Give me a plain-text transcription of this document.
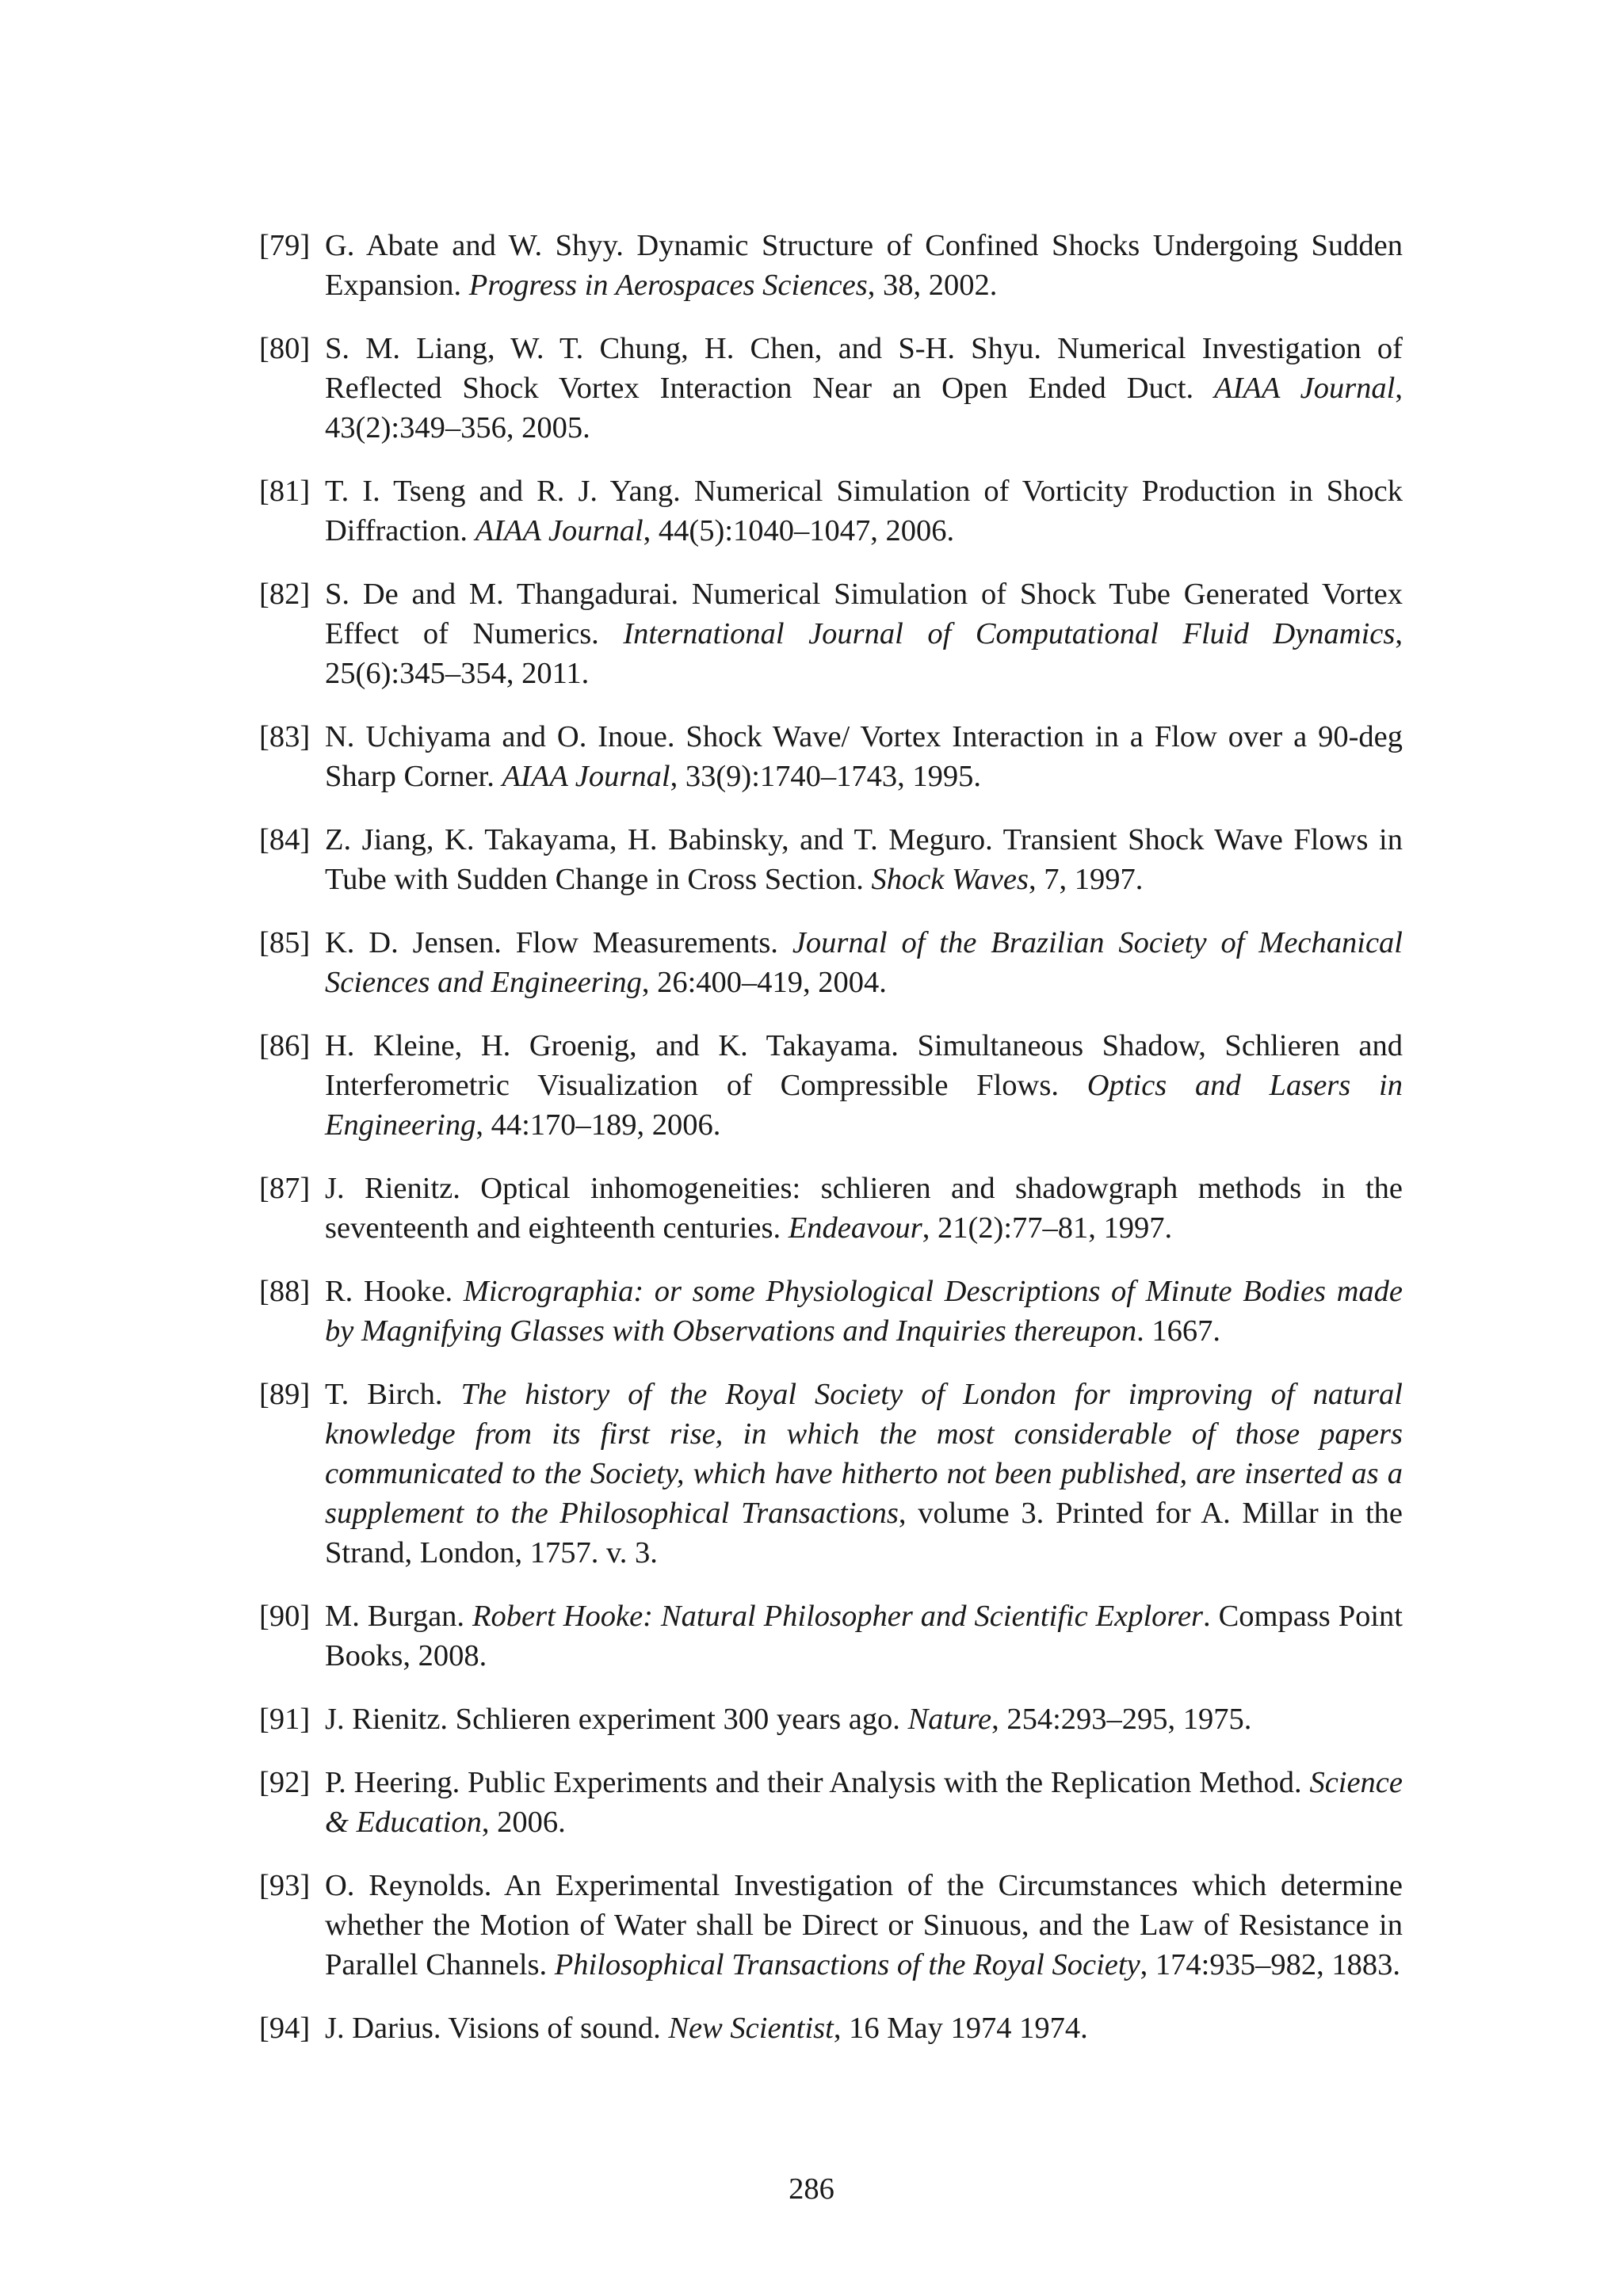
[79] G. Abate and W. Shyy. Dynamic Structure of Confined Shocks Undergoing Sudden Expansion. Progress in Aerospaces Sciences, 38, 2002.
[80] S. M. Liang, W. T. Chung, H. Chen, and S-H. Shyu. Numerical Investigation of Reflected Shock Vortex Interaction Near an Open Ended Duct. AIAA Journal, 43(2):349–356, 2005.
[81] T. I. Tseng and R. J. Yang. Numerical Simulation of Vorticity Production in Shock Diffraction. AIAA Journal, 44(5):1040–1047, 2006.
[82] S. De and M. Thangadurai. Numerical Simulation of Shock Tube Generated Vortex Effect of Numerics. International Journal of Computational Fluid Dynamics, 25(6):345–354, 2011.
[83] N. Uchiyama and O. Inoue. Shock Wave/ Vortex Interaction in a Flow over a 90-deg Sharp Corner. AIAA Journal, 33(9):1740–1743, 1995.
[84] Z. Jiang, K. Takayama, H. Babinsky, and T. Meguro. Transient Shock Wave Flows in Tube with Sudden Change in Cross Section. Shock Waves, 7, 1997.
[85] K. D. Jensen. Flow Measurements. Journal of the Brazilian Society of Mechanical Sciences and Engineering, 26:400–419, 2004.
[86] H. Kleine, H. Groenig, and K. Takayama. Simultaneous Shadow, Schlieren and Interferometric Visualization of Compressible Flows. Optics and Lasers in Engineering, 44:170–189, 2006.
[87] J. Rienitz. Optical inhomogeneities: schlieren and shadowgraph methods in the seventeenth and eighteenth centuries. Endeavour, 21(2):77–81, 1997.
[88] R. Hooke. Micrographia: or some Physiological Descriptions of Minute Bodies made by Magnifying Glasses with Observations and Inquiries thereupon. 1667.
[89] T. Birch. The history of the Royal Society of London for improving of natural knowledge from its first rise, in which the most considerable of those papers communicated to the Society, which have hitherto not been published, are inserted as a supplement to the Philosophical Transactions, volume 3. Printed for A. Millar in the Strand, London, 1757. v. 3.
[90] M. Burgan. Robert Hooke: Natural Philosopher and Scientific Explorer. Compass Point Books, 2008.
[91] J. Rienitz. Schlieren experiment 300 years ago. Nature, 254:293–295, 1975.
[92] P. Heering. Public Experiments and their Analysis with the Replication Method. Science & Education, 2006.
[93] O. Reynolds. An Experimental Investigation of the Circumstances which determine whether the Motion of Water shall be Direct or Sinuous, and the Law of Resistance in Parallel Channels. Philosophical Transactions of the Royal Society, 174:935–982, 1883.
[94] J. Darius. Visions of sound. New Scientist, 16 May 1974 1974.
286
